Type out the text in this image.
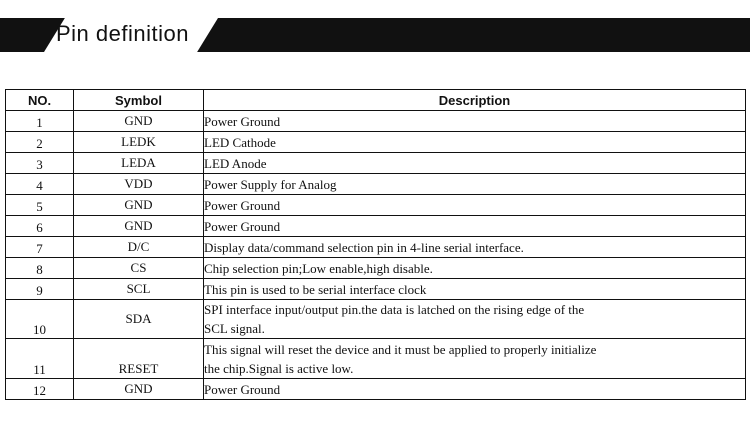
Pin definition
NO.	Symbol	Description
1	GND	Power Ground
2	LEDK	LED Cathode
3	LEDA	LED Anode
4	VDD	Power Supply for Analog
5	GND	Power Ground
6	GND	Power Ground
7	D/C	Display data/command selection pin in 4-line serial interface.
8	CS	Chip selection pin;Low enable,high disable.
9	SCL	This pin is used to be serial interface clock
10	SDA	SPI interface input/output pin.the data is latched on the rising edge of the
SCL signal.

11	RESET	This signal will reset the device and it must be applied to properly initialize
the chip.Signal is active low.

12	GND	Power Ground
